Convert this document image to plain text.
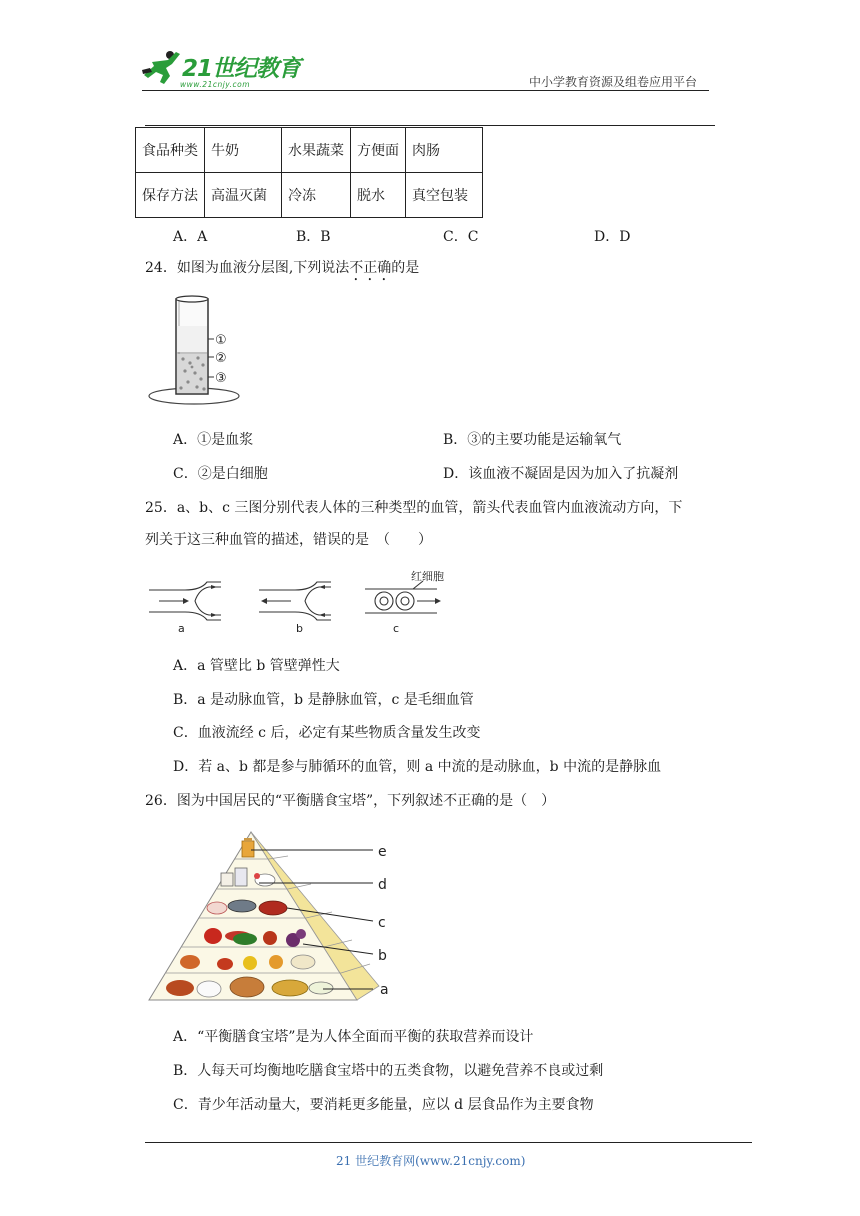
21世纪教育
www.21cnjy.com	中小学教育资源及组卷应用平台
食品种类	牛奶	水果蔬菜	方便面	肉肠
保存方法	高温灭菌	冷冻	脱水	真空包装
A．A	B．B	C．C	D．D
24．如图为血液分层图,下列说法不正确的是
①
②
③
A．①是血浆	B．③的主要功能是运输氧气
C．②是白细胞	D．该血液不凝固是因为加入了抗凝剂
25．a、b、c 三图分别代表人体的三种类型的血管，箭头代表血管内血液流动方向，下
列关于这三种血管的描述，错误的是　（　　）
红细胞
a	b	c
A．a 管壁比 b 管壁弹性大
B．a 是动脉血管，b 是静脉血管，c 是毛细血管
C．血液流经 c 后，必定有某些物质含量发生改变
D．若 a、b 都是参与肺循环的血管，则 a 中流的是动脉血，b 中流的是静脉血
26．图为中国居民的“平衡膳食宝塔”，下列叙述不正确的是（　）
e
d
c
b
a
A．“平衡膳食宝塔”是为人体全面而平衡的获取营养而设计
B．人每天可均衡地吃膳食宝塔中的五类食物，以避免营养不良或过剩
C．青少年活动量大，要消耗更多能量，应以 d 层食品作为主要食物
21 世纪教育网(www.21cnjy.com)
